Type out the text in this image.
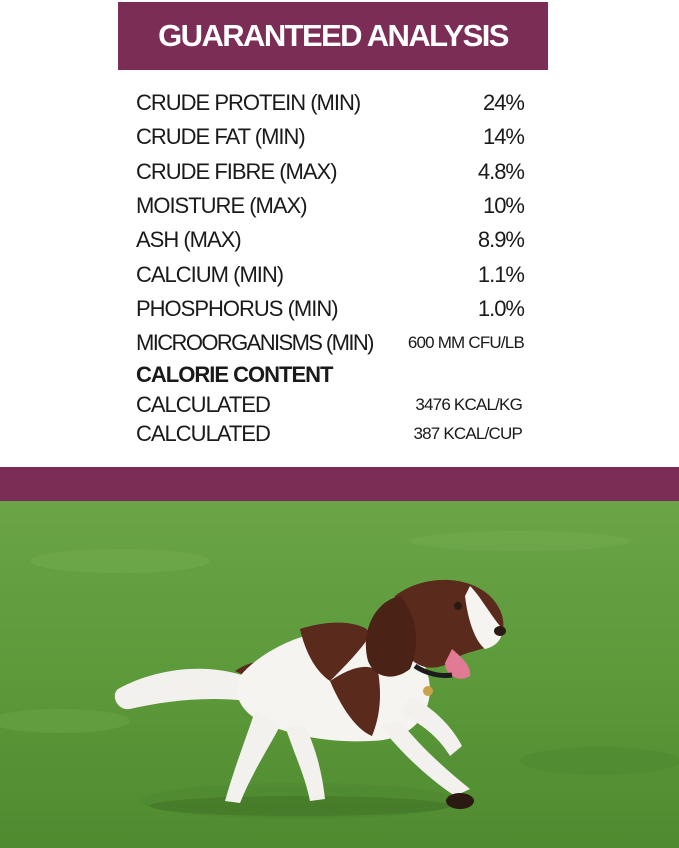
GUARANTEED ANALYSIS
CRUDE PROTEIN (MIN)	24%
CRUDE FAT (MIN)	14%
CRUDE FIBRE (MAX)	4.8%
MOISTURE (MAX)	10%
ASH (MAX)	8.9%
CALCIUM (MIN)	1.1%
PHOSPHORUS (MIN)	1.0%
MICROORGANISMS (MIN) 600 MM CFU/LB
CALORIE CONTENT
CALCULATED	3476 KCAL/KG
CALCULATED	387 KCAL/CUP
